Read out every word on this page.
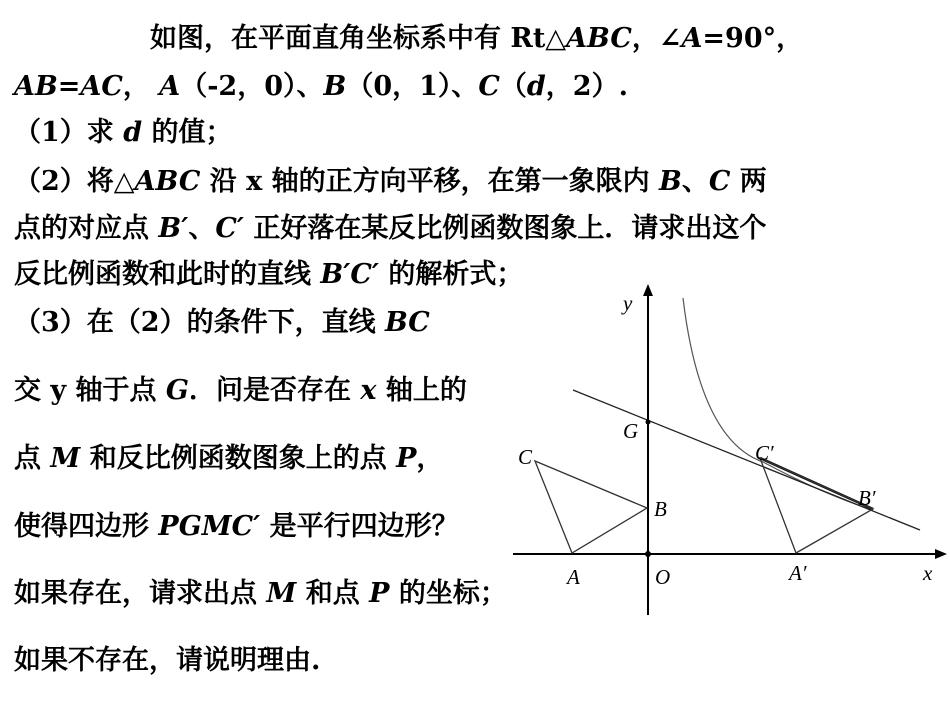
如图，在平面直角坐标系中有 Rt△ABC，∠A=90°，

AB=AC， A（-2，0）、B（0，1）、C（d，2）.

（1）求 d 的值；

（2）将△ABC 沿 x 轴的正方向平移，在第一象限内 B、C 两

点的对应点 B′、C′ 正好落在某反比例函数图象上．请求出这个

反比例函数和此时的直线 B′C′ 的解析式；

（3）在（2）的条件下，直线 BC

交 y 轴于点 G．问是否存在 x 轴上的

点 M 和反比例函数图象上的点 P，

使得四边形 PGMC′ 是平行四边形？

如果存在，请求出点 M 和点 P 的坐标；

如果不存在，请说明理由.

x
y
O
A
B
C
G
A′
B′
C′
